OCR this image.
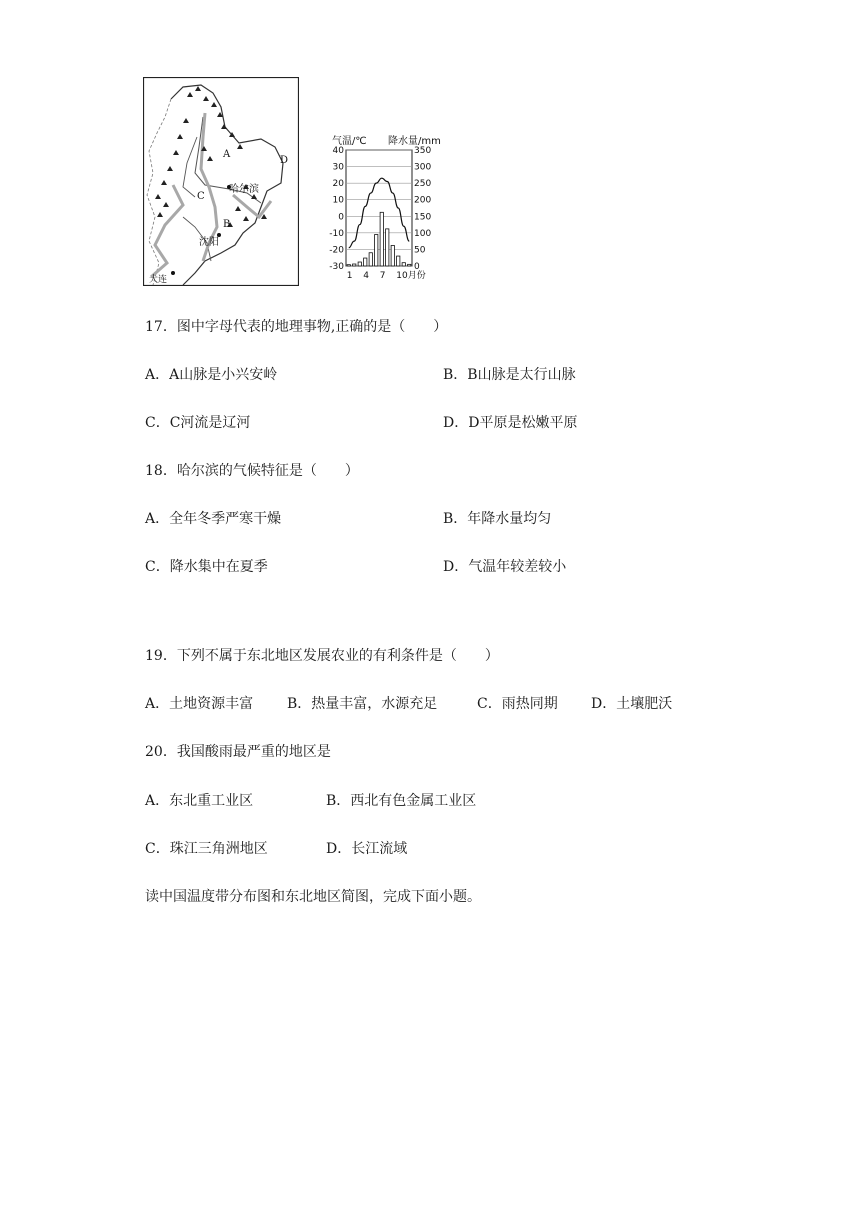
A
D
C
B
哈尔滨
沈阳
大连
气温/℃ 降水量/mm
40
30
20
10
0
-10
-20
-30
350
300
250
200
150
100
50
0
1 4 7 10月份
17．图中字母代表的地理事物,正确的是（　　）
A．A山脉是小兴安岭	B．B山脉是太行山脉
C．C河流是辽河	D．D平原是松嫩平原
18．哈尔滨的气候特征是（　　）
A．全年冬季严寒干燥	B．年降水量均匀
C．降水集中在夏季	D．气温年较差较小
19．下列不属于东北地区发展农业的有利条件是（　　）
A．土地资源丰富 B．热量丰富，水源充足	C．雨热同期 D．土壤肥沃
20．我国酸雨最严重的地区是
A．东北重工业区	B．西北有色金属工业区
C．珠江三角洲地区	D．长江流域
读中国温度带分布图和东北地区简图，完成下面小题。
